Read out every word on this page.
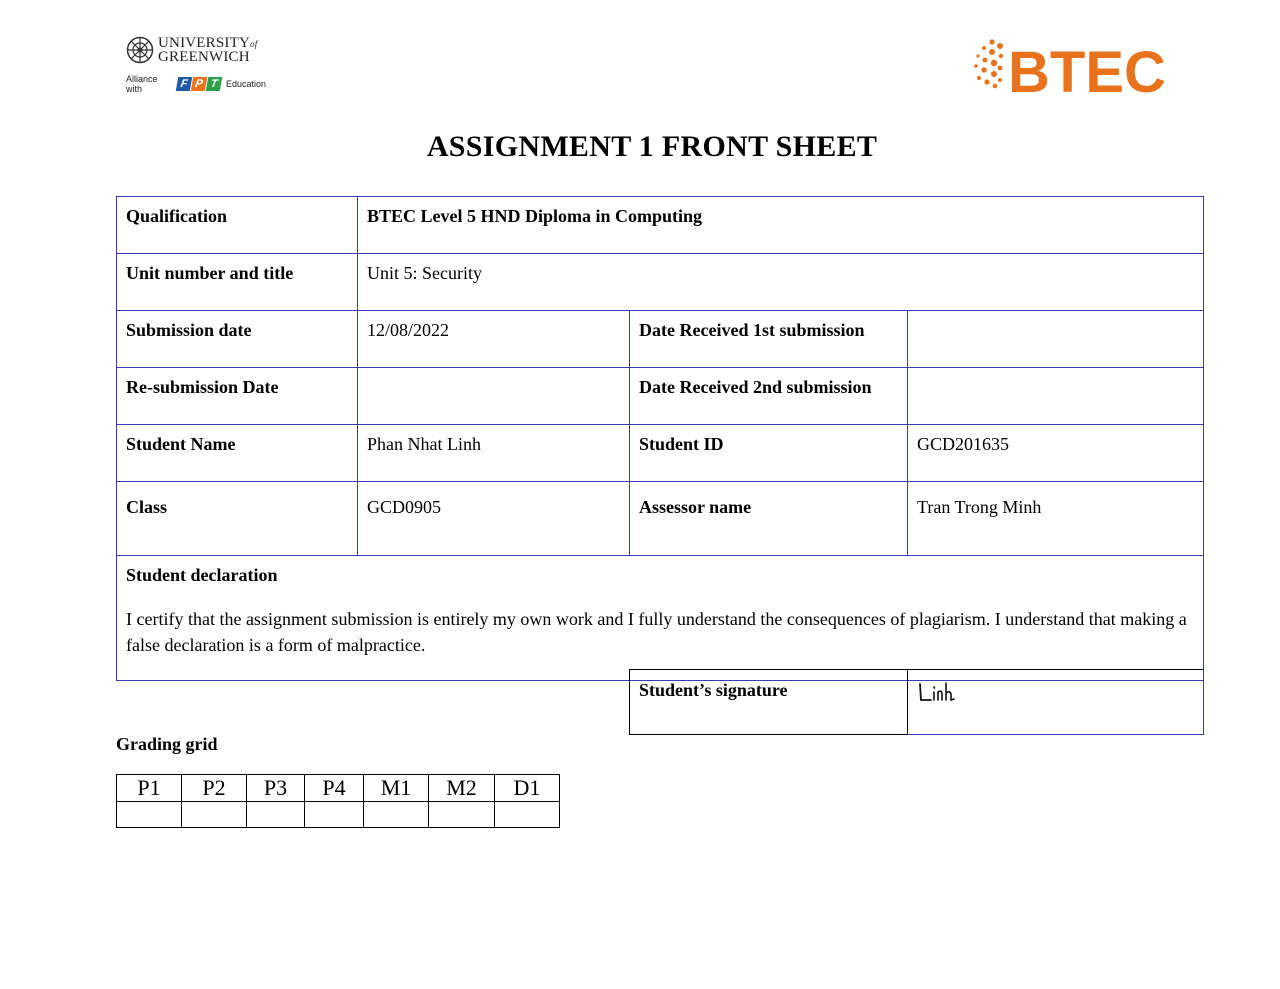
UNIVERSITYof
GREENWICH
Alliance with	F P T Education	BTEC
ASSIGNMENT 1 FRONT SHEET
Qualification	BTEC Level 5 HND Diploma in Computing		
Unit number and title	Unit 5: Security		
Submission date	12/08/2022	Date Received 1st submission	
Re-submission Date		Date Received 2nd submission	
Student Name	Phan Nhat Linh	Student ID	GCD201635
Class	GCD0905	Assessor name	Tran Trong Minh

Student declaration
I certify that the assignment submission is entirely my own work and I fully understand the consequences of plagiarism. I understand that making a false declaration is a form of malpractice.			
Student’s signature	
Grading grid
P1	P2	P3	P4	M1	M2	D1
